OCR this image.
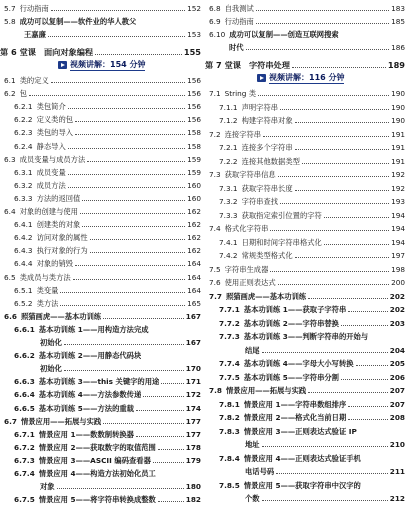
5.7 行动指南	152
5.8 成功可以复制——软件业的华人教父
王嘉廉	153
第 6 堂课 面向对象编程	155
视频讲解：154 分钟
6.1 类的定义	156
6.2 包	156
6.2.1 类包简介	156
6.2.2 定义类的包	156
6.2.3 类包的导入	158
6.2.4 静态导入	158
6.3 成员变量与成员方法	159
6.3.1 成员变量	159
6.3.2 成员方法	160
6.3.3 方法的返回值	160
6.4 对象的创建与使用	162
6.4.1 创建类的对象	162
6.4.2 访问对象的属性	162
6.4.3 执行对象的行为	162
6.4.4 对象的销毁	164
6.5 类成员与类方法	164
6.5.1 类变量	164
6.5.2 类方法	165
6.6 照猫画虎——基本功训练	167
6.6.1 基本功训练 1——用构造方法完成
初始化	167
6.6.2 基本功训练 2——用静态代码块
初始化	170
6.6.3 基本功训练 3——this 关键字的用途	171
6.6.4 基本功训练 4——方法参数传递	172
6.6.5 基本功训练 5——方法的重载	174
6.7 情景应用——拓展与实践	177
6.7.1 情景应用 1——数数制转换器	177
6.7.2 情景应用 2——获取数字的取值范围	178
6.7.3 情景应用 3——ASCII 编码查看器	179
6.7.4 情景应用 4——构造方法初始化员工
对象	180
6.7.5 情景应用 5——将字符串转换成整数	182
6.8 自我测试	183
6.9 行动指南	185
6.10 成功可以复制——创造互联网搜索
时代	186
第 7 堂课 字符串处理	189
视频讲解：116 分钟
7.1 String 类	190
7.1.1 声明字符串	190
7.1.2 构建字符串对象	190
7.2 连接字符串	191
7.2.1 连接多个字符串	191
7.2.2 连接其他数据类型	191
7.3 获取字符串信息	192
7.3.1 获取字符串长度	192
7.3.2 字符串查找	193
7.3.3 获取指定索引位置的字符	194
7.4 格式化字符串	194
7.4.1 日期和时间字符串格式化	194
7.4.2 常规类型格式化	197
7.5 字符串生成器	198
7.6 使用正则表达式	200
7.7 照猫画虎——基本功训练	202
7.7.1 基本功训练 1——获取子字符串	202
7.7.2 基本功训练 2——字符串替换	203
7.7.3 基本功训练 3——判断字符串的开始与
结尾	204
7.7.4 基本功训练 4——字母大小写转换	205
7.7.5 基本功训练 5——字符串分割	206
7.8 情景应用——拓展与实践	207
7.8.1 情景应用 1——字符串数组排序	207
7.8.2 情景应用 2——格式化当前日期	208
7.8.3 情景应用 3——正则表达式验证 IP
地址	210
7.8.4 情景应用 4——正则表达式验证手机
电话号码	211
7.8.5 情景应用 5——获取字符串中汉字的
个数	212
